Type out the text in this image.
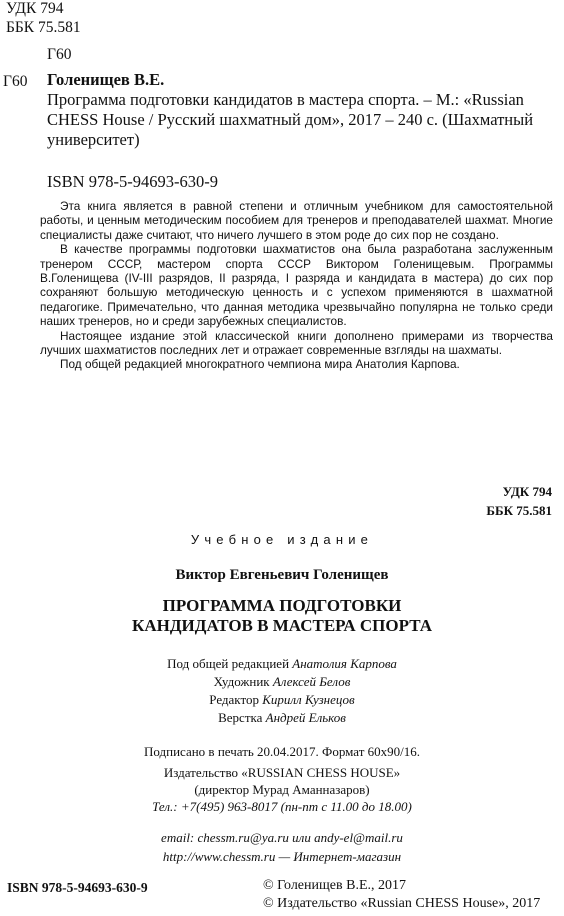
УДК 794
ББК 75.581
Г60
Г60 Голенищев В.Е.
Программа подготовки кандидатов в мастера спорта. – М.: «Russian CHESS House / Русский шахматный дом», 2017 – 240 с. (Шахматный университет)
ISBN 978-5-94693-630-9

Эта книга является в равной степени и отличным учебником для самостоятельной работы, и ценным методическим пособием для тренеров и преподавателей шахмат. Многие специалисты даже считают, что ничего лучшего в этом роде до сих пор не создано.

В качестве программы подготовки шахматистов она была разработана заслуженным тренером СССР, мастером спорта СССР Виктором Голенищевым. Программы В.Голенищева (IV-III разрядов, II разряда, I разряда и кандидата в мастера) до сих пор сохраняют большую методическую ценность и с успехом применяются в шахматной педагогике. Примечательно, что данная методика чрезвычайно популярна не только среди наших тренеров, но и среди зарубежных специалистов.

Настоящее издание этой классической книги дополнено примерами из творчества лучших шахматистов последних лет и отражает современные взгляды на шахматы.

Под общей редакцией многократного чемпиона мира Анатолия Карпова.

УДК 794
ББК 75.581
Учебное издание
Виктор Евгеньевич Голенищев
ПРОГРАММА ПОДГОТОВКИ
КАНДИДАТОВ В МАСТЕРА СПОРТА
Под общей редакцией Анатолия Карпова
Художник Алексей Белов
Редактор Кирилл Кузнецов
Верстка Андрей Ельков
Подписано в печать 20.04.2017. Формат 60х90/16.
Издательство «RUSSIAN CHESS HOUSE»
(директор Мурад Аманназаров)
Тел.: +7(495) 963-8017 (пн-пт с 11.00 до 18.00)
email: chessm.ru@ya.ru или andy-el@mail.ru
http://www.chessm.ru — Интернет-магазин
ISBN 978-5-94693-630-9	© Голенищев В.Е., 2017
© Издательство «Russian CHESS House», 2017
